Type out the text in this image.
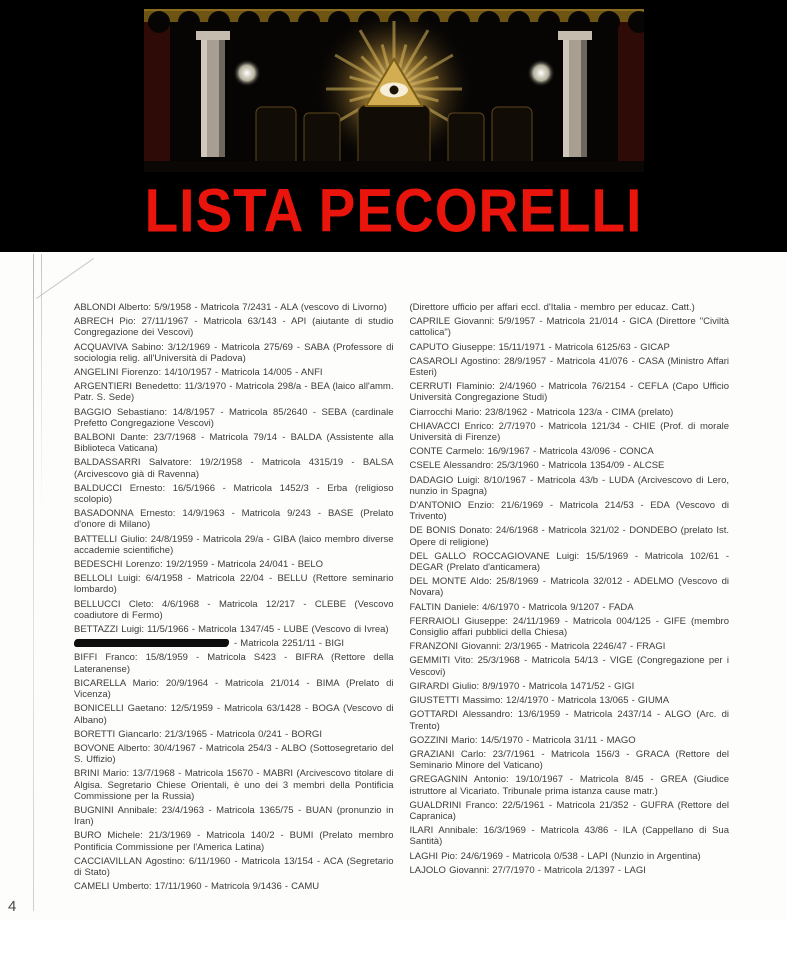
LISTA PECORELLI

ABLONDI Alberto: 5/9/1958 - Matricola 7/2431 - ALA (vescovo di Livorno)

ABRECH Pio: 27/11/1967 - Matricola 63/143 - API (aiutante di studio Congregazione dei Vescovi)

ACQUAVIVA Sabino: 3/12/1969 - Matricola 275/69 - SABA (Professore di sociologia relig. all'Università di Padova)

ANGELINI Fiorenzo: 14/10/1957 - Matricola 14/005 - ANFI

ARGENTIERI Benedetto: 11/3/1970 - Matricola 298/a - BEA (laico all'amm. Patr. S. Sede)

BAGGIO Sebastiano: 14/8/1957 - Matricola 85/2640 - SEBA (cardinale Prefetto Congregazione Vescovi)

BALBONI Dante: 23/7/1968 - Matricola 79/14 - BALDA (Assistente alla Biblioteca Vaticana)

BALDASSARRI Salvatore: 19/2/1958 - Matricola 4315/19 - BALSA (Arcivescovo già di Ravenna)

BALDUCCI Ernesto: 16/5/1966 - Matricola 1452/3 - Erba (religioso scolopio)

BASADONNA Ernesto: 14/9/1963 - Matricola 9/243 - BASE (Prelato d'onore di Milano)

BATTELLI Giulio: 24/8/1959 - Matricola 29/a - GIBA (laico membro diverse accademie scientifiche)

BEDESCHI Lorenzo: 19/2/1959 - Matricola 24/041 - BELO

BELLOLI Luigi: 6/4/1958 - Matricola 22/04 - BELLU (Rettore seminario lombardo)

BELLUCCI Cleto: 4/6/1968 - Matricola 12/217 - CLEBE (Vescovo coadiutore di Fermo)

BETTAZZI Luigi: 11/5/1966 - Matricola 1347/45 - LUBE (Vescovo di Ivrea)

- Matricola 2251/11 - BIGI

BIFFI Franco: 15/8/1959 - Matricola S423 - BIFRA (Rettore della Lateranense)

BICARELLA Mario: 20/9/1964 - Matricola 21/014 - BIMA (Prelato di Vicenza)

BONICELLI Gaetano: 12/5/1959 - Matricola 63/1428 - BOGA (Vescovo di Albano)

BORETTI Giancarlo: 21/3/1965 - Matricola 0/241 - BORGI

BOVONE Alberto: 30/4/1967 - Matricola 254/3 - ALBO (Sottosegretario del S. Uffizio)

BRINI Mario: 13/7/1968 - Matricola 15670 - MABRI (Arcivescovo titolare di Algisa. Segretario Chiese Orientali, è uno dei 3 membri della Pontificia Commissione per la Russia)

BUGNINI Annibale: 23/4/1963 - Matricola 1365/75 - BUAN (pronunzio in Iran)

BURO Michele: 21/3/1969 - Matricola 140/2 - BUMI (Prelato membro Pontificia Commissione per l'America Latina)

CACCIAVILLAN Agostino: 6/11/1960 - Matricola 13/154 - ACA (Segretario di Stato)

CAMELI Umberto: 17/11/1960 - Matricola 9/1436 - CAMU

(Direttore ufficio per affari eccl. d'Italia - membro per educaz. Catt.)

CAPRILE Giovanni: 5/9/1957 - Matricola 21/014 - GICA (Direttore "Civiltà cattolica")

CAPUTO Giuseppe: 15/11/1971 - Matricola 6125/63 - GICAP

CASAROLI Agostino: 28/9/1957 - Matricola 41/076 - CASA (Ministro Affari Esteri)

CERRUTI Flaminio: 2/4/1960 - Matricola 76/2154 - CEFLA (Capo Ufficio Università Congregazione Studi)

Ciarrocchi Mario: 23/8/1962 - Matricola 123/a - CIMA (prelato)

CHIAVACCI Enrico: 2/7/1970 - Matricola 121/34 - CHIE (Prof. di morale Università di Firenze)

CONTE Carmelo: 16/9/1967 - Matricola 43/096 - CONCA

CSELE Alessandro: 25/3/1960 - Matricola 1354/09 - ALCSE

DADAGIO Luigi: 8/10/1967 - Matricola 43/b - LUDA (Arcivescovo di Lero, nunzio in Spagna)

D'ANTONIO Enzio: 21/6/1969 - Matricola 214/53 - EDA (Vescovo di Trivento)

DE BONIS Donato: 24/6/1968 - Matricola 321/02 - DONDEBO (prelato Ist. Opere di religione)

DEL GALLO ROCCAGIOVANE Luigi: 15/5/1969 - Matricola 102/61 - DEGAR (Prelato d'anticamera)

DEL MONTE Aldo: 25/8/1969 - Matricola 32/012 - ADELMO (Vescovo di Novara)

FALTIN Daniele: 4/6/1970 - Matricola 9/1207 - FADA

FERRAIOLI Giuseppe: 24/11/1969 - Matricola 004/125 - GIFE (membro Consiglio affari pubblici della Chiesa)

FRANZONI Giovanni: 2/3/1965 - Matricola 2246/47 - FRAGI

GEMMITI Vito: 25/3/1968 - Matricola 54/13 - VIGE (Congregazione per i Vescovi)

GIRARDI Giulio: 8/9/1970 - Matricola 1471/52 - GIGI

GIUSTETTI Massimo: 12/4/1970 - Matricola 13/065 - GIUMA

GOTTARDI Alessandro: 13/6/1959 - Matricola 2437/14 - ALGO (Arc. di Trento)

GOZZINI Mario: 14/5/1970 - Matricola 31/11 - MAGO

GRAZIANI Carlo: 23/7/1961 - Matricola 156/3 - GRACA (Rettore del Seminario Minore del Vaticano)

GREGAGNIN Antonio: 19/10/1967 - Matricola 8/45 - GREA (Giudice istruttore al Vicariato. Tribunale prima istanza cause matr.)

GUALDRINI Franco: 22/5/1961 - Matricola 21/352 - GUFRA (Rettore del Capranica)

ILARI Annibale: 16/3/1969 - Matricola 43/86 - ILA (Cappellano di Sua Santità)

LAGHI Pio: 24/6/1969 - Matricola 0/538 - LAPI (Nunzio in Argentina)

LAJOLO Giovanni: 27/7/1970 - Matricola 2/1397 - LAGI

4
